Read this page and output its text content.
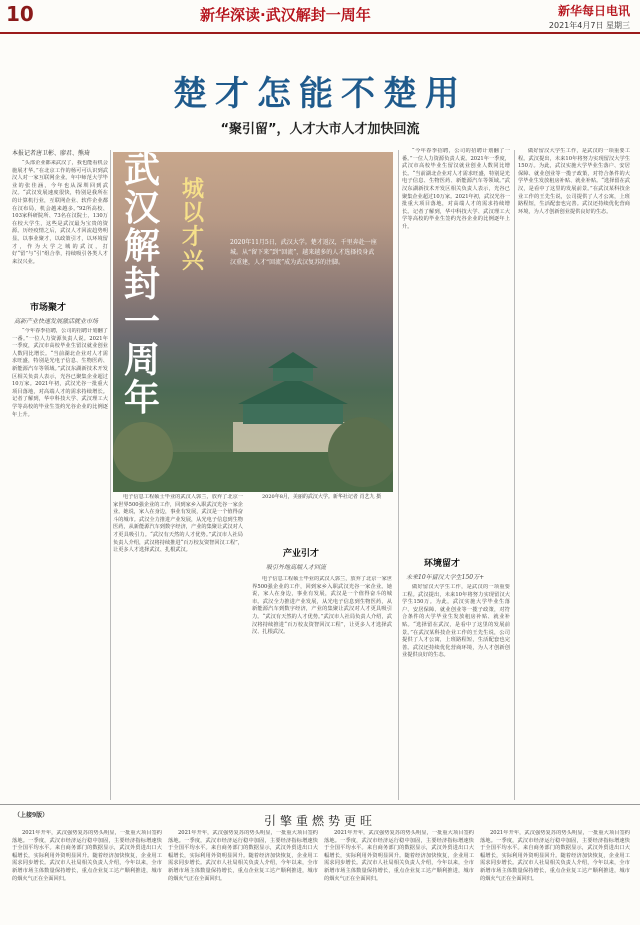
10	新华深读·武汉解封一周年	新华每日电讯
2021年4月7日 星期三
楚才怎能不楚用
“聚引留”，人才大市人才加快回流
本报记者唐卫彬、廖君、熊琦

“头部企业都来武汉了，我也能看机会施展才华。”在北京工作的杨可可认识到武汉人对一家互联网企业。年中师范大学毕业的张佳涵，今年也从深圳回到武汉。“武汉发展速度很快，特别是我所在的计算机行业，互联网企业、软件企业都在汉布局，机会越来越多。”92所高校、103家科研院所、73名在汉院士，130万在校大学生，这些是武汉最为宝贵的资源。历经疫情之后，武汉人才回流趋势明显。以事业聚才，以政策引才，以环境留才，作为大学之城的武汉，打好“留”与“引”组合拳，持续吸引各类人才来汉兴业。

市场聚才
高新产业快速发展激活就业市场

“今年春季招聘，公司的招聘计划翻了一番。”一位人力资源负责人说。2021年一季度，武汉市高校毕业生留汉就业创业人数同比增长。“当前湖北企业对人才需求旺盛，特别是光电子信息、生物医药、新能源汽车等领域。”武汉东湖新技术开发区相关负责人表示，光谷已聚集企业超过10万家。2021年初，武汉光谷一批重大项目落地，对高端人才的需求持续增长。记者了解到，华中科技大学、武汉理工大学等高校的毕业生签约光谷企业的比例逐年上升。

武汉解封一周年
城以才兴
2020年11月5日，武汉大学。楚才返汉，千里奔赴一座城。从“留下来”到“回流”，越来越多的人才选择投身武汉重建，人才“回流”成为武汉复苏的注脚。
2020年8月，美丽的武汉大学。新华社记者 肖艺九 摄

电子信息工程硕士毕业的武汉人郭兰，放弃了北京一家世界500强企业的工作，回到家乡入职武汉光谷一家企业。她说，家人在身边，事业有发展，武汉是一个值得奋斗的城市。武汉全力推进产业发展，从光电子信息到生物医药，从新能源汽车到数字经济，产业的集聚让武汉对人才更具吸引力。“武汉有天然的人才优势。”武汉市人社局负责人介绍，武汉将持续推进“百万校友资智回汉工程”，让更多人才选择武汉、扎根武汉。	产业引才
吸引外地高端人才回流

电子信息工程硕士毕业的武汉人郭兰，放弃了北京一家世界500强企业的工作，回到家乡入职武汉光谷一家企业。她说，家人在身边，事业有发展，武汉是一个值得奋斗的城市。武汉全力推进产业发展，从光电子信息到生物医药，从新能源汽车到数字经济，产业的集聚让武汉对人才更具吸引力。“武汉有天然的人才优势。”武汉市人社局负责人介绍，武汉将持续推进“百万校友资智回汉工程”，让更多人才选择武汉、扎根武汉。

“今年春季招聘，公司的招聘计划翻了一番。”一位人力资源负责人说。2021年一季度，武汉市高校毕业生留汉就业创业人数同比增长。“当前湖北企业对人才需求旺盛，特别是光电子信息、生物医药、新能源汽车等领域。”武汉东湖新技术开发区相关负责人表示，光谷已聚集企业超过10万家。2021年初，武汉光谷一批重大项目落地，对高端人才的需求持续增长。记者了解到，华中科技大学、武汉理工大学等高校的毕业生签约光谷企业的比例逐年上升。

环境留才
未来10年留汉大学生150万+

做好留汉大学生工作，是武汉的一项重要工程。武汉提出，未来10年将努力实现留汉大学生150万。为此，武汉实施大学毕业生落户、安居保障、就业创业等一揽子政策，对符合条件的大学毕业生发放租房补贴、就业补贴。“选择留在武汉，是看中了这里的发展前景。”在武汉某科技企业工作的王先生说，公司提供了人才公寓，上班路程短，生活配套也完善。武汉还持续优化营商环境，为人才创新创业提供良好的生态。

做好留汉大学生工作，是武汉的一项重要工程。武汉提出，未来10年将努力实现留汉大学生150万。为此，武汉实施大学毕业生落户、安居保障、就业创业等一揽子政策，对符合条件的大学毕业生发放租房补贴、就业补贴。“选择留在武汉，是看中了这里的发展前景。”在武汉某科技企业工作的王先生说，公司提供了人才公寓，上班路程短，生活配套也完善。武汉还持续优化营商环境，为人才创新创业提供良好的生态。

引擎重燃势更旺
（上接9版）

2021年开年，武汉强势复苏的势头明显，一批重大项目签约落地。一季度，武汉市经济运行稳中加固，主要经济指标增速快于全国平均水平。来自商务部门的数据显示，武汉外贸进出口大幅增长，实际利用外资明显回升。随着经济加快恢复，企业用工需求同步增长。武汉市人社局相关负责人介绍，今年以来，全市新增市场主体数量保持增长，重点企业复工达产顺利推进，城市的烟火气正在全面回归。

2021年开年，武汉强势复苏的势头明显，一批重大项目签约落地。一季度，武汉市经济运行稳中加固，主要经济指标增速快于全国平均水平。来自商务部门的数据显示，武汉外贸进出口大幅增长，实际利用外资明显回升。随着经济加快恢复，企业用工需求同步增长。武汉市人社局相关负责人介绍，今年以来，全市新增市场主体数量保持增长，重点企业复工达产顺利推进，城市的烟火气正在全面回归。

2021年开年，武汉强势复苏的势头明显，一批重大项目签约落地。一季度，武汉市经济运行稳中加固，主要经济指标增速快于全国平均水平。来自商务部门的数据显示，武汉外贸进出口大幅增长，实际利用外资明显回升。随着经济加快恢复，企业用工需求同步增长。武汉市人社局相关负责人介绍，今年以来，全市新增市场主体数量保持增长，重点企业复工达产顺利推进，城市的烟火气正在全面回归。

2021年开年，武汉强势复苏的势头明显，一批重大项目签约落地。一季度，武汉市经济运行稳中加固，主要经济指标增速快于全国平均水平。来自商务部门的数据显示，武汉外贸进出口大幅增长，实际利用外资明显回升。随着经济加快恢复，企业用工需求同步增长。武汉市人社局相关负责人介绍，今年以来，全市新增市场主体数量保持增长，重点企业复工达产顺利推进，城市的烟火气正在全面回归。
